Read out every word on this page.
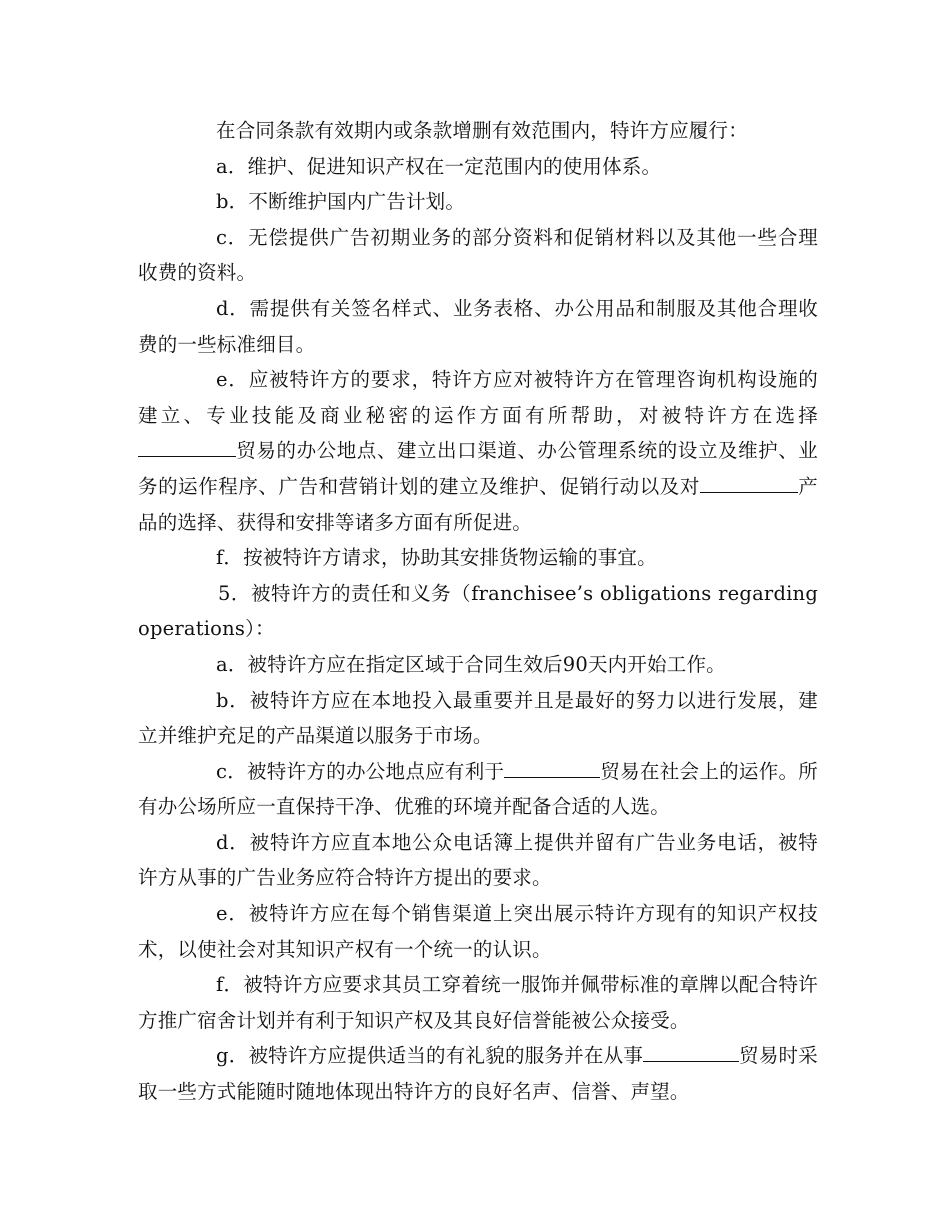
在合同条款有效期内或条款增删有效范围内，特许方应履行：

a．维护、促进知识产权在一定范围内的使用体系。

b．不断维护国内广告计划。

c．无偿提供广告初期业务的部分资料和促销材料以及其他一些合理收费的资料。

d．需提供有关签名样式、业务表格、办公用品和制服及其他合理收费的一些标准细目。

e．应被特许方的要求，特许方应对被特许方在管理咨询机构设施的建立、专业技能及商业秘密的运作方面有所帮助，对被特许方在选择贸易的办公地点、建立出口渠道、办公管理系统的设立及维护、业务的运作程序、广告和营销计划的建立及维护、促销行动以及对	产品的选择、获得和安排等诸多方面有所促进。

f．按被特许方请求，协助其安排货物运输的事宜。

5．被特许方的责任和义务（franchisee’s obligations regarding operations）：

a．被特许方应在指定区域于合同生效后90天内开始工作。

b．被特许方应在本地投入最重要并且是最好的努力以进行发展，建立并维护充足的产品渠道以服务于市场。

c．被特许方的办公地点应有利于	贸易在社会上的运作。所有办公场所应一直保持干净、优雅的环境并配备合适的人选。

d．被特许方应直本地公众电话簿上提供并留有广告业务电话，被特许方从事的广告业务应符合特许方提出的要求。

e．被特许方应在每个销售渠道上突出展示特许方现有的知识产权技术，以使社会对其知识产权有一个统一的认识。

f．被特许方应要求其员工穿着统一服饰并佩带标准的章牌以配合特许方推广宿舍计划并有利于知识产权及其良好信誉能被公众接受。

g．被特许方应提供适当的有礼貌的服务并在从事	贸易时采取一些方式能随时随地体现出特许方的良好名声、信誉、声望。
